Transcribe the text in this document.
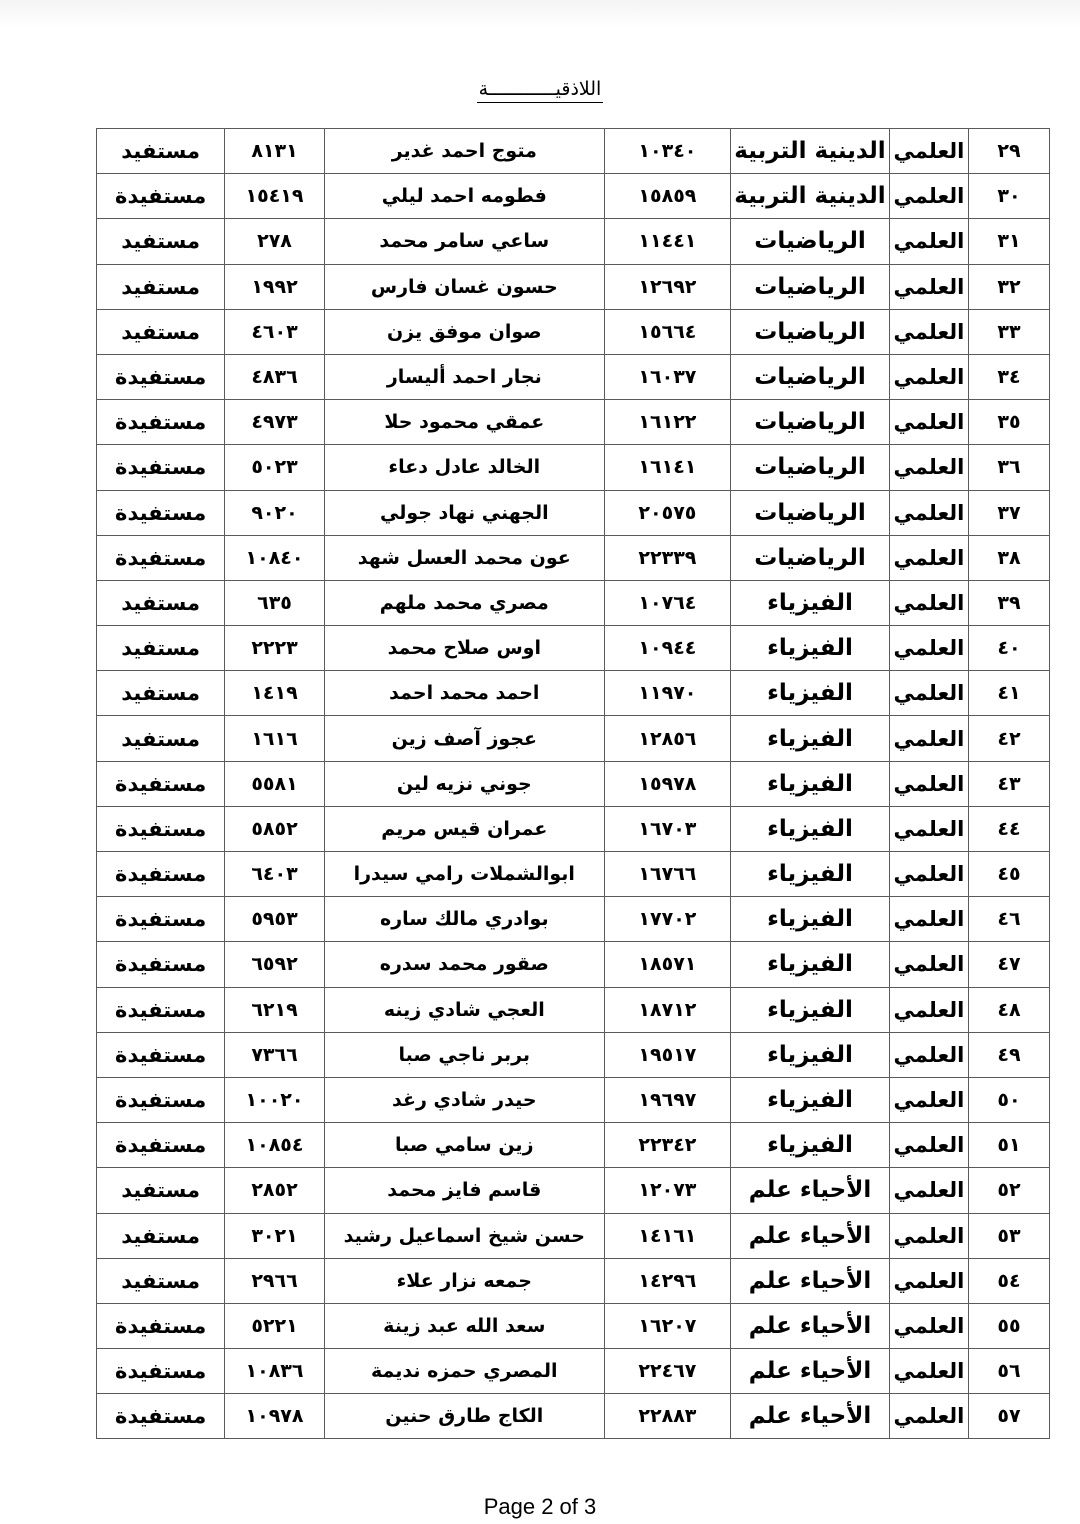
اللاذقيــــــــــــة
٢٩	العلمي	الدينية التربية	١٠٣٤٠	متوج احمد غدير	٨١٣١	مستفيد
٣٠	العلمي	الدينية التربية	١٥٨٥٩	فطومه احمد ليلي	١٥٤١٩	مستفيدة
٣١	العلمي	الرياضيات	١١٤٤١	ساعي سامر محمد	٢٧٨	مستفيد
٣٢	العلمي	الرياضيات	١٢٦٩٢	حسون غسان فارس	١٩٩٢	مستفيد
٣٣	العلمي	الرياضيات	١٥٦٦٤	صوان موفق يزن	٤٦٠٣	مستفيد
٣٤	العلمي	الرياضيات	١٦٠٣٧	نجار احمد أليسار	٤٨٣٦	مستفيدة
٣٥	العلمي	الرياضيات	١٦١٢٢	عمقي محمود حلا	٤٩٧٣	مستفيدة
٣٦	العلمي	الرياضيات	١٦١٤١	الخالد عادل دعاء	٥٠٢٣	مستفيدة
٣٧	العلمي	الرياضيات	٢٠٥٧٥	الجهني نهاد جولي	٩٠٢٠	مستفيدة
٣٨	العلمي	الرياضيات	٢٢٣٣٩	عون محمد العسل شهد	١٠٨٤٠	مستفيدة
٣٩	العلمي	الفيزياء	١٠٧٦٤	مصري محمد ملهم	٦٣٥	مستفيد
٤٠	العلمي	الفيزياء	١٠٩٤٤	اوس صلاح محمد	٢٢٢٣	مستفيد
٤١	العلمي	الفيزياء	١١٩٧٠	احمد محمد احمد	١٤١٩	مستفيد
٤٢	العلمي	الفيزياء	١٢٨٥٦	عجوز آصف زين	١٦١٦	مستفيد
٤٣	العلمي	الفيزياء	١٥٩٧٨	جوني نزيه لين	٥٥٨١	مستفيدة
٤٤	العلمي	الفيزياء	١٦٧٠٣	عمران قيس مريم	٥٨٥٢	مستفيدة
٤٥	العلمي	الفيزياء	١٦٧٦٦	ابوالشملات رامي سيدرا	٦٤٠٣	مستفيدة
٤٦	العلمي	الفيزياء	١٧٧٠٢	بوادري مالك ساره	٥٩٥٣	مستفيدة
٤٧	العلمي	الفيزياء	١٨٥٧١	صقور محمد سدره	٦٥٩٢	مستفيدة
٤٨	العلمي	الفيزياء	١٨٧١٢	العجي شادي زينه	٦٢١٩	مستفيدة
٤٩	العلمي	الفيزياء	١٩٥١٧	بربر ناجي صبا	٧٣٦٦	مستفيدة
٥٠	العلمي	الفيزياء	١٩٦٩٧	حيدر شادي رغد	١٠٠٢٠	مستفيدة
٥١	العلمي	الفيزياء	٢٢٣٤٢	زين سامي صبا	١٠٨٥٤	مستفيدة
٥٢	العلمي	الأحياء علم	١٢٠٧٣	قاسم فايز محمد	٢٨٥٢	مستفيد
٥٣	العلمي	الأحياء علم	١٤١٦١	حسن شيخ اسماعيل رشيد	٣٠٢١	مستفيد
٥٤	العلمي	الأحياء علم	١٤٢٩٦	جمعه نزار علاء	٢٩٦٦	مستفيد
٥٥	العلمي	الأحياء علم	١٦٢٠٧	سعد الله عبد زينة	٥٢٢١	مستفيدة
٥٦	العلمي	الأحياء علم	٢٢٤٦٧	المصري حمزه نديمة	١٠٨٣٦	مستفيدة
٥٧	العلمي	الأحياء علم	٢٢٨٨٣	الكاج طارق حنين	١٠٩٧٨	مستفيدة
Page 2 of 3
